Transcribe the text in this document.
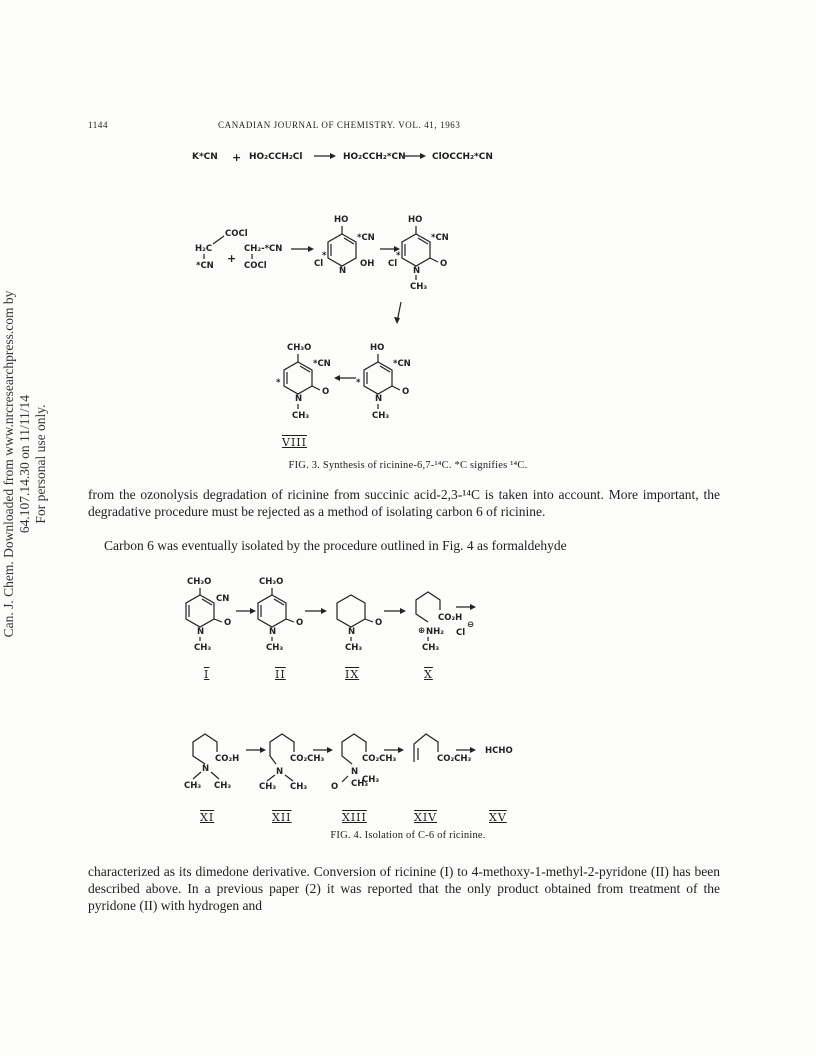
Can. J. Chem. Downloaded from www.nrcresearchpress.com by 64.107.14.30 on 11/11/14 For personal use only.
1144	CANADIAN JOURNAL OF CHEMISTRY. VOL. 41, 1963
K*CN + HO₂CCH₂Cl	HO₂CCH₂*CN	ClOCCH₂*CN
COCl
H₂C
*CN
+
CH₂-*CN
COCl
HO
*CN
Cl
*
N
OH
HO
*CN
Cl
*
N
O
CH₃
CH₃O
*CN
*
N
O
CH₃
HO
*CN
*
N
O
CH₃
VIII
FIG. 3. Synthesis of ricinine-6,7-¹⁴C. *C signifies ¹⁴C.
from the ozonolysis degradation of ricinine from succinic acid-2,3-¹⁴C is taken into account. More important, the degradative procedure must be rejected as a method of isolating carbon 6 of ricinine.
Carbon 6 was eventually isolated by the procedure outlined in Fig. 4 as formaldehyde
CH₃O
CN
N
O
CH₃
CH₃O
N
O
CH₃
N
O
CH₃
⊕ NH₂
CO₂H
CH₃
Cl
⊖
I	II	IX	X
CO₂H
N
CH₃ CH₃
CO₂CH₃
N
CH₃ CH₃
CO₂CH₃
N
O CH₃
CH₃
CO₂CH₃
HCHO
XI	XII	XIII	XIV	XV
FIG. 4. Isolation of C-6 of ricinine.
characterized as its dimedone derivative. Conversion of ricinine (I) to 4-methoxy-1-methyl-2-pyridone (II) has been described above. In a previous paper (2) it was reported that the only product obtained from treatment of the pyridone (II) with hydrogen and
